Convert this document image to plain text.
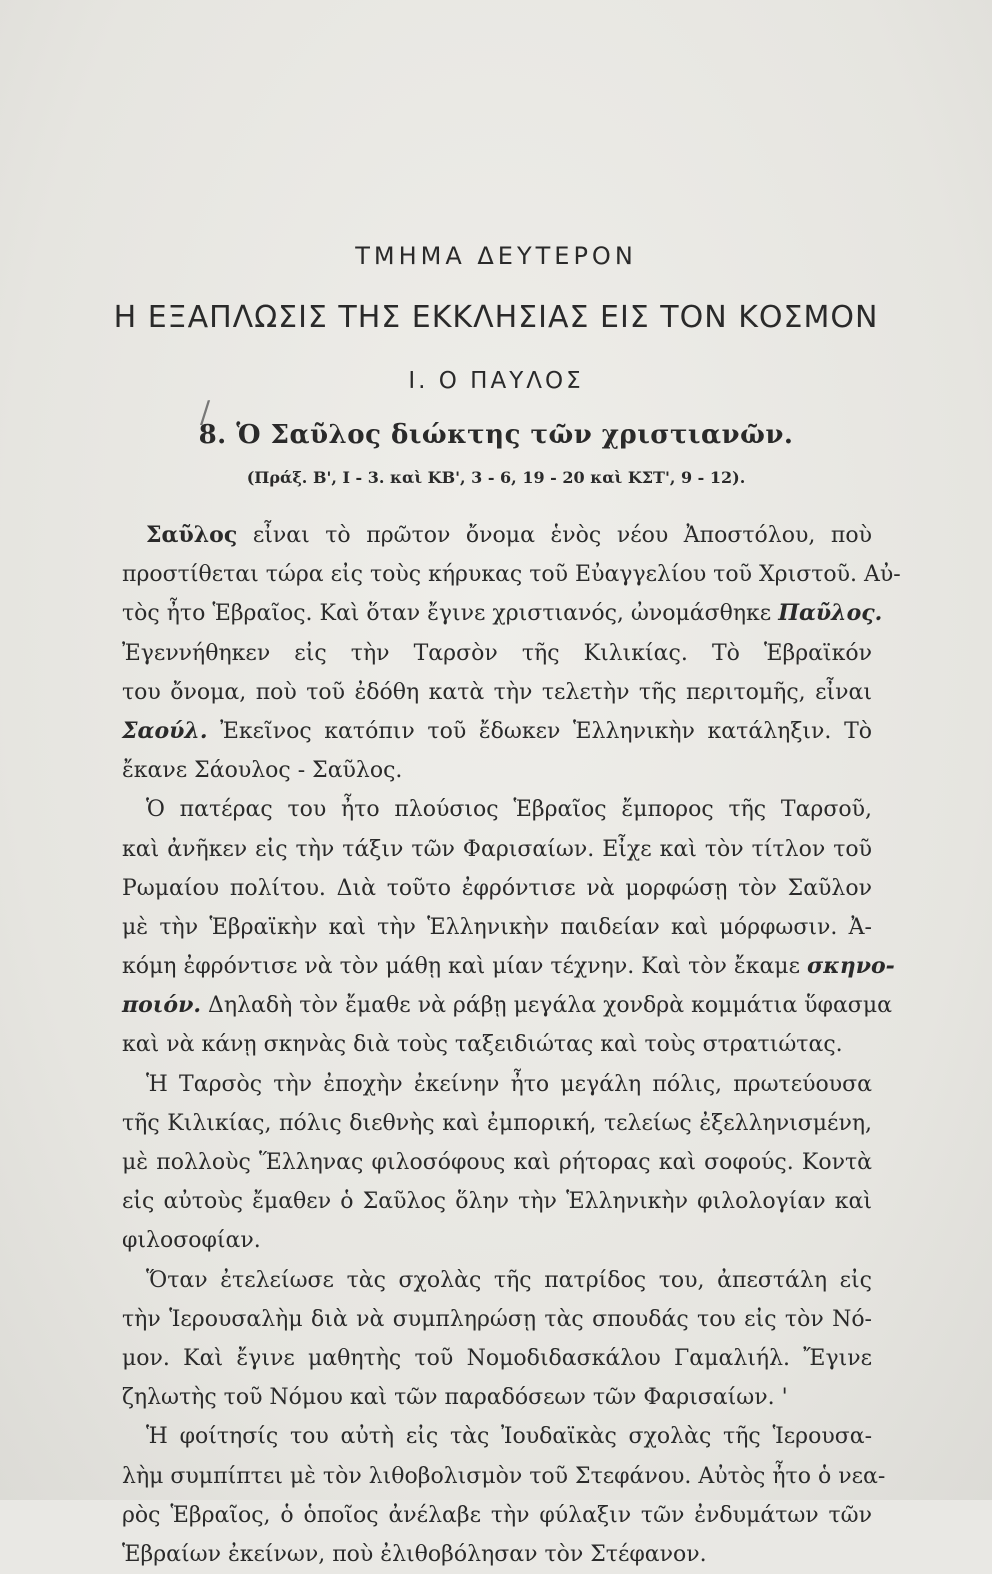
ΤΜΗΜΑ ΔΕΥΤΕΡΟΝ
Η ΕΞΑΠΛΩΣΙΣ ΤΗΣ ΕΚΚΛΗΣΙΑΣ ΕΙΣ ΤΟΝ ΚΟΣΜΟΝ
Ι. Ο ΠΑΥΛΟΣ
/
8. Ὁ Σαῦλος διώκτης τῶν χριστιανῶν.
(Πράξ. Β', Ι - 3. καὶ ΚΒ', 3 - 6, 19 - 20 καὶ ΚΣΤ', 9 - 12).
Σαῦλος εἶναι τὸ πρῶτον ὄνομα ἑνὸς νέου Ἀποστόλου, ποὺ
προστίθεται τώρα εἰς τοὺς κήρυκας τοῦ Εὐαγγελίου τοῦ Χριστοῦ. Αὐ-
τὸς ἦτο Ἑβραῖος. Καὶ ὅταν ἔγινε χριστιανός, ὠνομάσθηκε Παῦλος.
Ἐγεννήθηκεν εἰς τὴν Ταρσὸν τῆς Κιλικίας. Τὸ Ἑβραϊκόν
του ὄνομα, ποὺ τοῦ ἐδόθη κατὰ τὴν τελετὴν τῆς περιτομῆς, εἶναι
Σαούλ. Ἐκεῖνος κατόπιν τοῦ ἔδωκεν Ἑλληνικὴν κατάληξιν. Τὸ
ἔκανε Σάουλος - Σαῦλος.
Ὁ πατέρας του ἦτο πλούσιος Ἑβραῖος ἔμπορος τῆς Ταρσοῦ,
καὶ ἀνῆκεν εἰς τὴν τάξιν τῶν Φαρισαίων. Εἶχε καὶ τὸν τίτλον τοῦ
Ρωμαίου πολίτου. Διὰ τοῦτο ἐφρόντισε νὰ μορφώσῃ τὸν Σαῦλον
μὲ τὴν Ἑβραϊκὴν καὶ τὴν Ἑλληνικὴν παιδείαν καὶ μόρφωσιν. Ἀ-
κόμη ἐφρόντισε νὰ τὸν μάθῃ καὶ μίαν τέχνην. Καὶ τὸν ἔκαμε σκηνο-
ποιόν. Δηλαδὴ τὸν ἔμαθε νὰ ράβῃ μεγάλα χονδρὰ κομμάτια ὕφασμα
καὶ νὰ κάνῃ σκηνὰς διὰ τοὺς ταξειδιώτας καὶ τοὺς στρατιώτας.
Ἡ Ταρσὸς τὴν ἐποχὴν ἐκείνην ἦτο μεγάλη πόλις, πρωτεύουσα
τῆς Κιλικίας, πόλις διεθνὴς καὶ ἐμπορική, τελείως ἐξελληνισμένη,
μὲ πολλοὺς Ἕλληνας φιλοσόφους καὶ ρήτορας καὶ σοφούς. Κοντὰ
εἰς αὐτοὺς ἔμαθεν ὁ Σαῦλος ὅλην τὴν Ἑλληνικὴν φιλολογίαν καὶ
φιλοσοφίαν.
Ὅταν ἐτελείωσε τὰς σχολὰς τῆς πατρίδος του, ἀπεστάλη εἰς
τὴν Ἱερουσαλὴμ διὰ νὰ συμπληρώσῃ τὰς σπουδάς του εἰς τὸν Νό-
μον. Καὶ ἔγινε μαθητὴς τοῦ Νομοδιδασκάλου Γαμαλιήλ. Ἔγινε
ζηλωτὴς τοῦ Νόμου καὶ τῶν παραδόσεων τῶν Φαρισαίων. '
Ἡ φοίτησίς του αὐτὴ εἰς τὰς Ἰουδαϊκὰς σχολὰς τῆς Ἱερουσα-
λὴμ συμπίπτει μὲ τὸν λιθοβολισμὸν τοῦ Στεφάνου. Αὐτὸς ἦτο ὁ νεα-
ρὸς Ἑβραῖος, ὁ ὁποῖος ἀνέλαβε τὴν φύλαξιν τῶν ἐνδυμάτων τῶν
Ἑβραίων ἐκείνων, ποὺ ἐλιθοβόλησαν τὸν Στέφανον.
